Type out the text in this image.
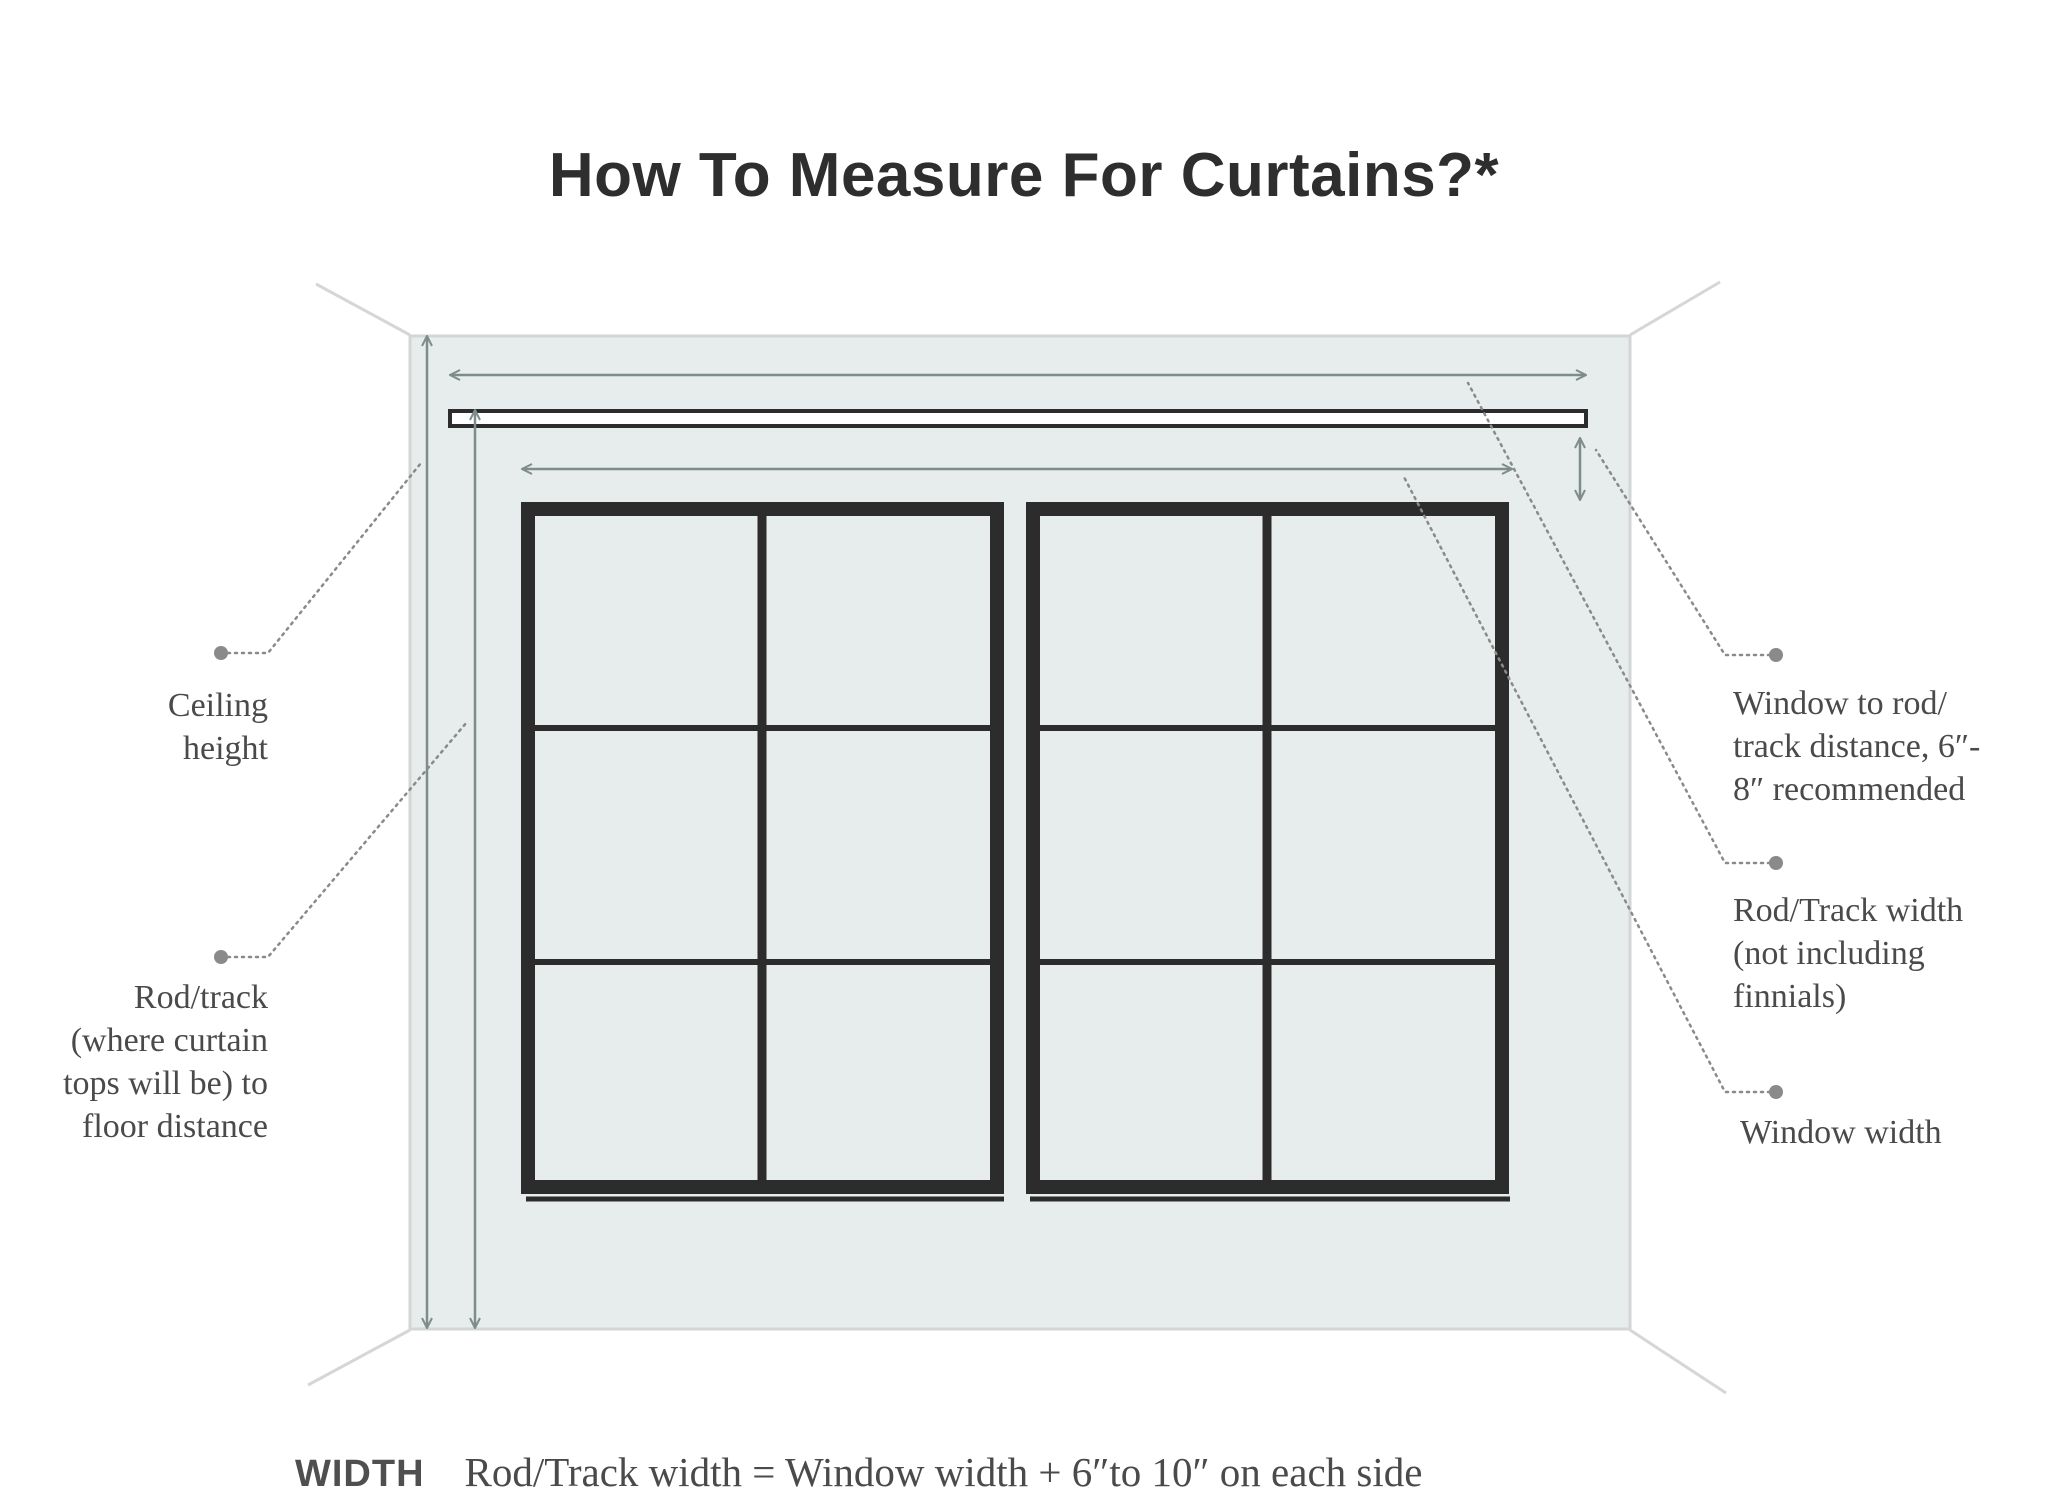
How To Measure For Curtains?*
Ceiling
height
Rod/track
(where curtain
tops will be) to
floor distance
Window to rod/
track distance, 6″-
8″ recommended
Rod/Track width
(not including
finnials)
Window width
WIDTH Rod/Track width = Window width + 6″to 10″ on each side
